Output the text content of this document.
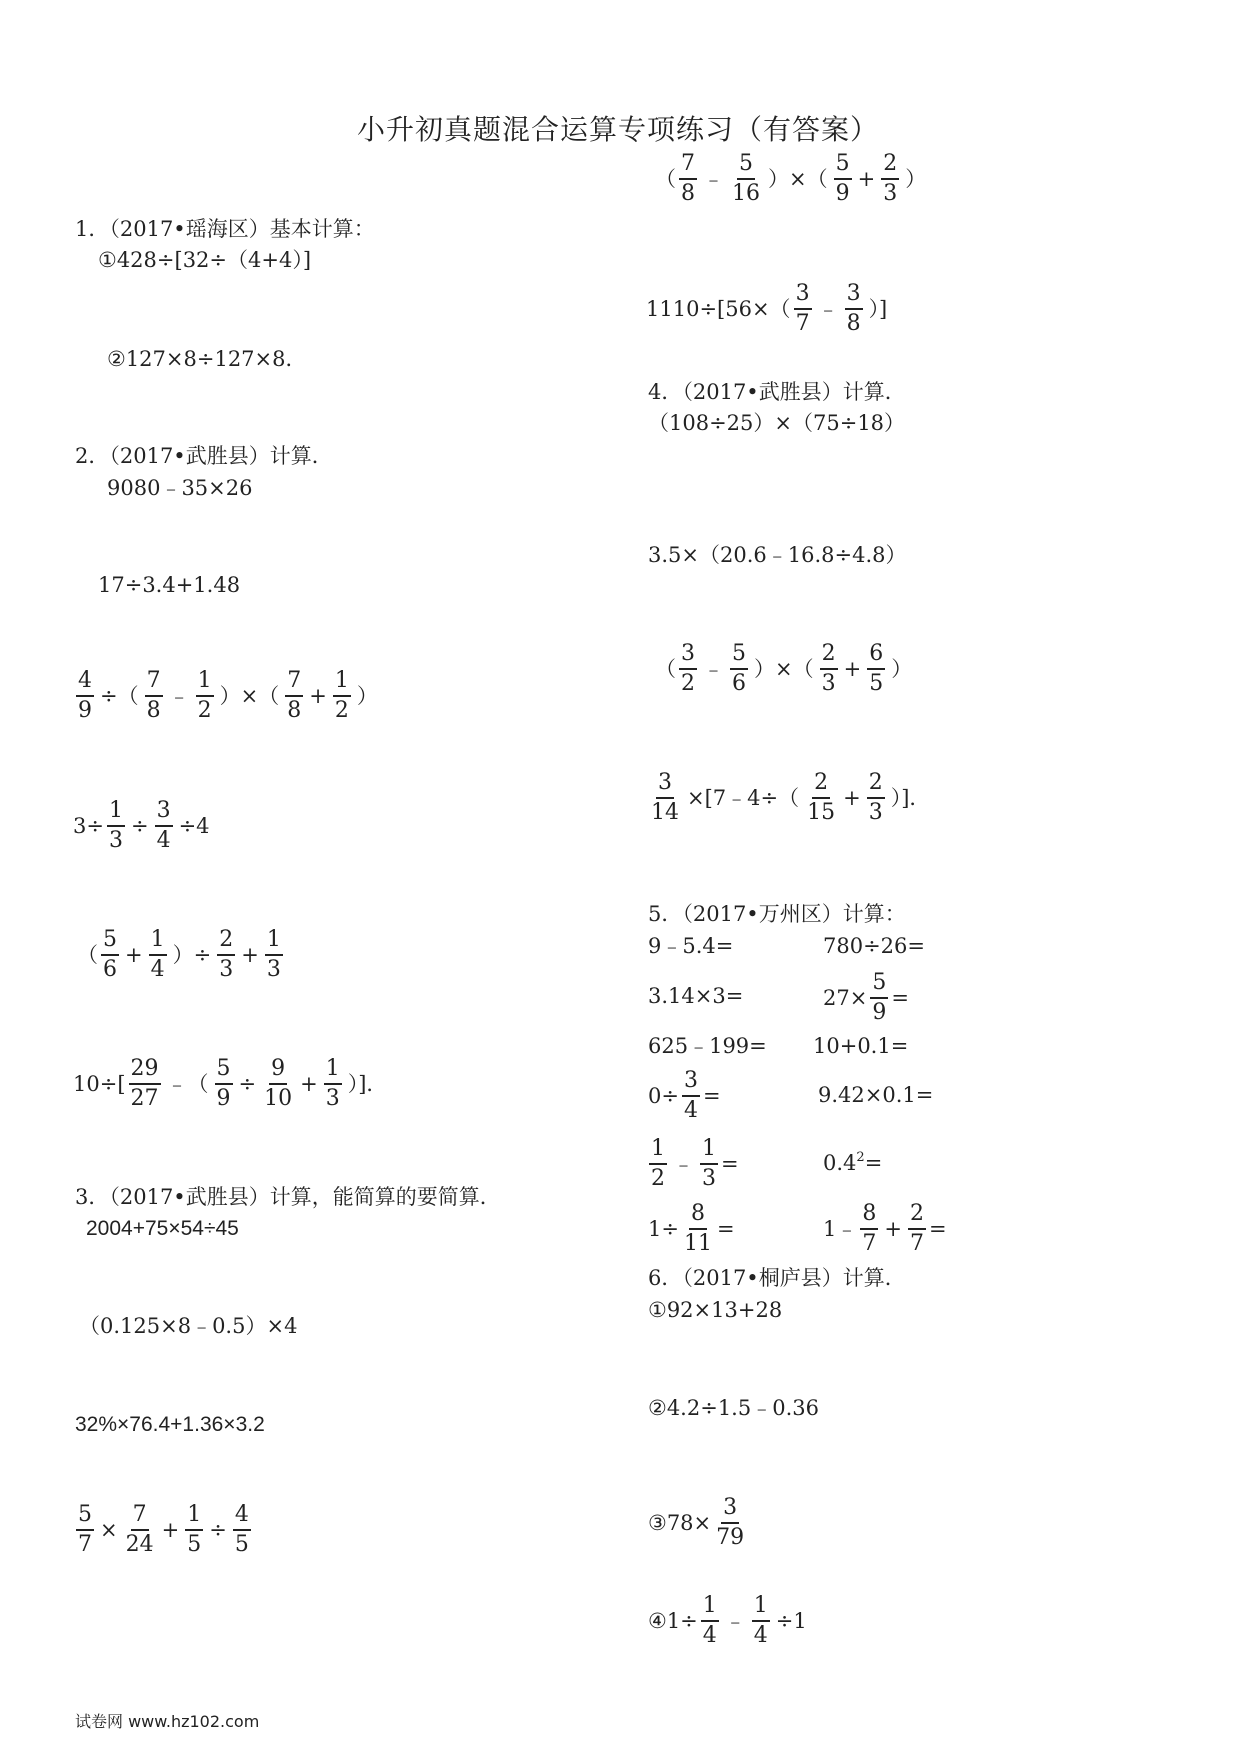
小升初真题混合运算专项练习（有答案）
1．（2017•瑶海区）基本计算：
①428÷[32÷（4+4）]
②127×8÷127×8．
2．（2017•武胜县）计算．
9080﹣35×26
17÷3.4+1.48
$\frac{4}{9}$ ÷（ $\frac{7}{8}$ ﹣ $\frac{1}{2}$ ）×（ $\frac{7}{8} + \frac{1}{2}$ ）
$3\div \frac{1}{3} \div \frac{3}{4} \div 4$
（ $\frac{5}{6} + \frac{1}{4}$ ）÷ $\frac{2}{3} + \frac{1}{3}$
$10\div[ \frac{29}{27}$ ﹣（ $\frac{5}{9} \div \frac{9}{10} + \frac{1}{3}$ ）]．
3．（2017•武胜县）计算，能简算的要简算．
2004+75×54÷45
（0.125×8﹣0.5）×4
32%×76.4+1.36×3.2
$\frac{5}{7} \times \frac{7}{24} + \frac{1}{5} \div \frac{4}{5}$
（ $\frac{7}{8}$ ﹣ $\frac{5}{16}$ ）×（ $\frac{5}{9} + \frac{2}{3}$ ）
$1110\div[56\times( \frac{3}{7}$ ﹣ $\frac{3}{8}$ ）]
4．（2017•武胜县）计算．
（108÷25）×（75÷18）
3.5×（20.6﹣16.8÷4.8）
（ $\frac{3}{2}$ ﹣ $\frac{5}{6}$ ）×（ $\frac{2}{3} + \frac{6}{5}$ ）
$\frac{3}{14}$ ×[7﹣4÷（ $\frac{2}{15} + \frac{2}{3}$ ）]．
5．（2017•万州区）计算：
9﹣5.4=	780÷26=
3.14×3=	$27\times \frac{5}{9}$ =
625﹣199= 10+0.1=
$0\div \frac{3}{4}$ =	9.42×0.1=
$\frac{1}{2}$ ﹣ $\frac{1}{3}$ =	$0.4^2=$
$1\div \frac{8}{11}$ =	1﹣ $\frac{8}{7} + \frac{2}{7}$ =
6．（2017•桐庐县）计算．
①92×13+28
②4.2÷1.5﹣0.36
③78× $\frac{3}{79}$
④1÷ $\frac{1}{4}$ ﹣ $\frac{1}{4} \div 1$
试卷网 www.hz102.com
